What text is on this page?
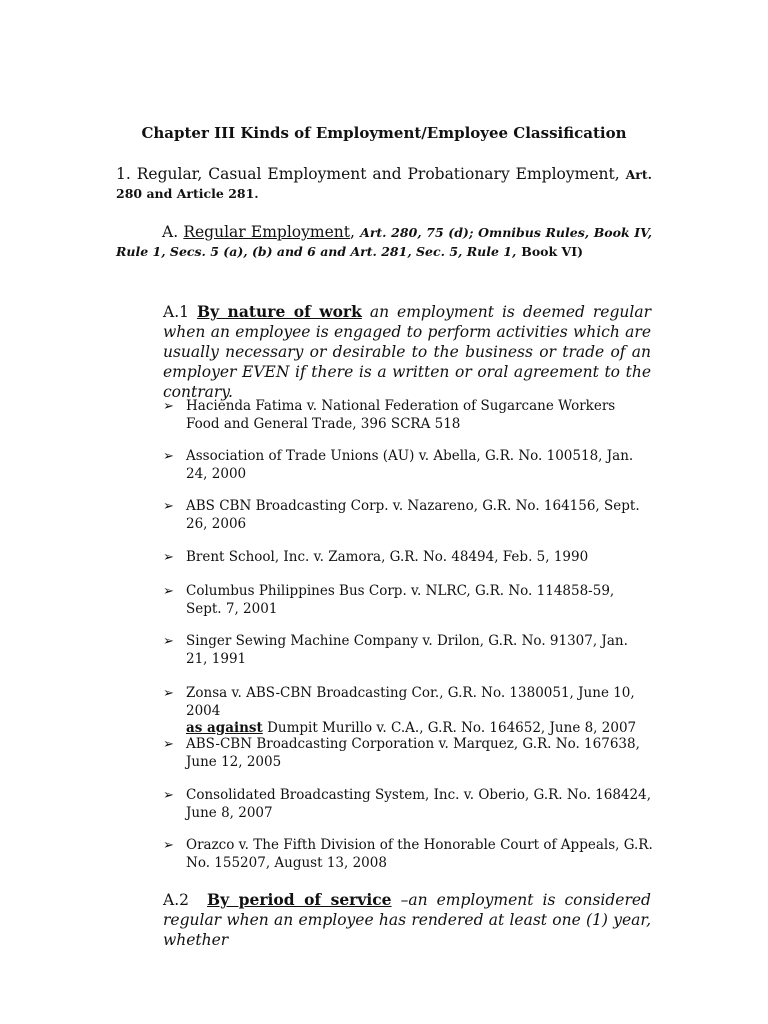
Chapter III Kinds of Employment/Employee Classification
1. Regular, Casual Employment and Probationary Employment, Art. 280 and Article 281.
A. Regular Employment, Art. 280, 75 (d); Omnibus Rules, Book IV, Rule 1, Secs. 5 (a), (b) and 6 and Art. 281, Sec. 5, Rule 1, Book VI)
A.1 By nature of work an employment is deemed regular when an employee is engaged to perform activities which are usually necessary or desirable to the business or trade of an employer EVEN if there is a written or oral agreement to the contrary.
➢ Hacienda Fatima v. National Federation of Sugarcane Workers Food and General Trade, 396 SCRA 518
➢ Association of Trade Unions (AU) v. Abella, G.R. No. 100518, Jan. 24, 2000
➢ ABS CBN Broadcasting Corp. v. Nazareno, G.R. No. 164156, Sept. 26, 2006
➢ Brent School, Inc. v. Zamora, G.R. No. 48494, Feb. 5, 1990
➢ Columbus Philippines Bus Corp. v. NLRC, G.R. No. 114858-59, Sept. 7, 2001
➢ Singer Sewing Machine Company v. Drilon, G.R. No. 91307, Jan. 21, 1991
➢ Zonsa v. ABS-CBN Broadcasting Cor., G.R. No. 1380051, June 10, 2004
as against Dumpit Murillo v. C.A., G.R. No. 164652, June 8, 2007
➢ ABS-CBN Broadcasting Corporation v. Marquez, G.R. No. 167638, June 12, 2005
➢ Consolidated Broadcasting System, Inc. v. Oberio, G.R. No. 168424, June 8, 2007
➢ Orazco v. The Fifth Division of the Honorable Court of Appeals, G.R. No. 155207, August 13, 2008
A.2 By period of service –an employment is considered regular when an employee has rendered at least one (1) year, whether
